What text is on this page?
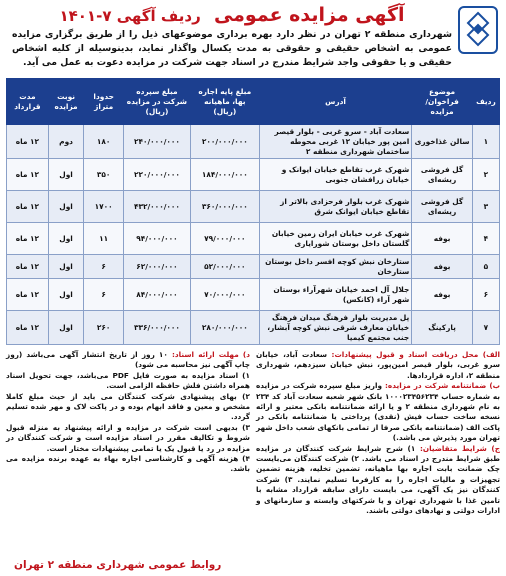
آگهی مزایده عمومی ردیف آگهی ۷-۱۴۰۱
شهرداری منطقه ۲ تهران در نظر دارد بهره برداری موضوعهای ذیل را از طریق برگزاری مزایده عمومی به اشخاص حقیقی و حقوقی به مدت یکسال واگذار نماید، بدینوسیله از کلیه اشخاص حقیقی و یا حقوقی واجد شرایط مندرج در اسناد جهت شرکت در مزایده دعوت به عمل می آید.
ردیف	موضوع فراخوان/ مزایده	آدرس	مبلغ پایه اجاره بها، ماهیانه (ریال)	مبلغ سپرده شرکت در مزایده (ریال)	حدودا متراژ	نوبت مزایده	مدت قرارداد
۱	سالن غذاخوری	سعادت آباد - سرو غربی - بلوار قیصر امین پور خیابان ۱۲ غربی محوطه ساختمان شهرداری منطقه ۲	۲۰۰/۰۰۰/۰۰۰	۲۴۰/۰۰۰/۰۰۰	۱۸۰	دوم	۱۲ ماه
۲	گل فروشی ریشه‌ای	شهرک غرب تقاطع خیابان ایوانک و خیابان زرافشان جنوبی	۱۸۴/۰۰۰/۰۰۰	۲۲۰/۰۰۰/۰۰۰	۳۵۰	اول	۱۲ ماه
۳	گل فروشی ریشه‌ای	شهرک غرب بلوار فرحزادی بالاتر از تقاطع خیابان ایوانک شرق	۳۶۰/۰۰۰/۰۰۰	۴۳۲/۰۰۰/۰۰۰	۱۷۰۰	اول	۱۲ ماه
۴	بوفه	شهرک غرب خیابان ایران زمین خیابان گلستان داخل بوستان شورایاری	۷۹/۰۰۰/۰۰۰	۹۴/۰۰۰/۰۰۰	۱۱	اول	۱۲ ماه
۵	بوفه	ستارخان نبش کوچه افسر داخل بوستان ستارخان	۵۲/۰۰۰/۰۰۰	۶۲/۰۰۰/۰۰۰	۶	اول	۱۲ ماه
۶	بوفه	جلال آل احمد خیابان شهرآراء بوستان شهر آراء (کانکس)	۷۰/۰۰۰/۰۰۰	۸۴/۰۰۰/۰۰۰	۶	اول	۱۲ ماه
۷	پارکینگ	پل مدیریت بلوار فرهنگ میدان فرهنگ خیابان معارف شرقی نبش کوچه آبشار، جنب مجتمع کیمیا	۲۸۰/۰۰۰/۰۰۰	۳۳۶/۰۰۰/۰۰۰	۲۶۰	اول	۱۲ ماه

الف) محل دریافت اسناد و قبول پیشنهادات: سعادت آباد، خیابان سرو غربی، بلوار قیصر امین‌پور، نبش خیابان سیزدهم، شهرداری منطقه ۲، اداره قراردادها.

ب) ضمانتنامه شرکت در مزایده: واریز مبلغ سپرده شرکت در مزایده به شماره حساب ۱۰۰۰۲۳۴۵۶۲۳۴ بانک شهر شعبه سعادت آباد کد ۲۳۴ به نام شهرداری منطقه ۲ و یا ارائه ضمانتنامه بانکی معتبر و ارائه نسخه ساخت حساب فیش (نقدی) پرداختی یا ضمانتنامه بانکی در پاکت الف (ضمانتنامه بانکی صرفا از تمامی بانکهای شعب داخل شهر تهران مورد پذیرش می باشد.)

ج) شرایط متقاضیان: ۱) شرح شرایط شرکت کنندگان در مزایده طبق شرایط مندرج در اسناد می باشد. ۲) شرکت کنندگان می‌بایست چک ضمانت بابت اجاره بها ماهیانه، تضمین تخلیه، هزینه تضمین تجهیزات و مالیات اجاره را به کارفرما تسلیم نمایند. ۳) شرکت کنندگان نیز یک آگهی، می بایست دارای سابقه قرارداد مشابه با تامین غذا با شهرداری تهران و یا شرکتهای وابسته و سازمانهای و ادارات دولتی و نهادهای دولتی باشند.

د) مهلت ارائه اسناد: ۱۰ روز از تاریخ انتشار آگهی می‌باشد (روز چاپ آگهی نیز محاسبه می شود)

۱) اسناد مزایده به صورت فایل PDF می‌باشد، جهت تحویل اسناد همراه داشتن فلش حافظه الزامی است.

۲) بهای پیشنهادی شرکت کنندگان می باید از حیث مبلغ کاملا مشخص و معین و فاقد ابهام بوده و در پاکت لاک و مهر شده تسلیم گردد.

۳) بدیهی است شرکت در مزایده و ارائه پیشنهاد به منزله قبول شروط و تکالیف مقرر در اسناد مزایده است و شرکت کنندگان در مزایده در رد یا قبول یک یا تمامی پیشنهادات مختار است.

۴) هزینه آگهی و کارشناسی اجاره بهاء به عهده برنده مزایده می باشد.

روابط عمومی شهرداری منطقه ۲ تهران
